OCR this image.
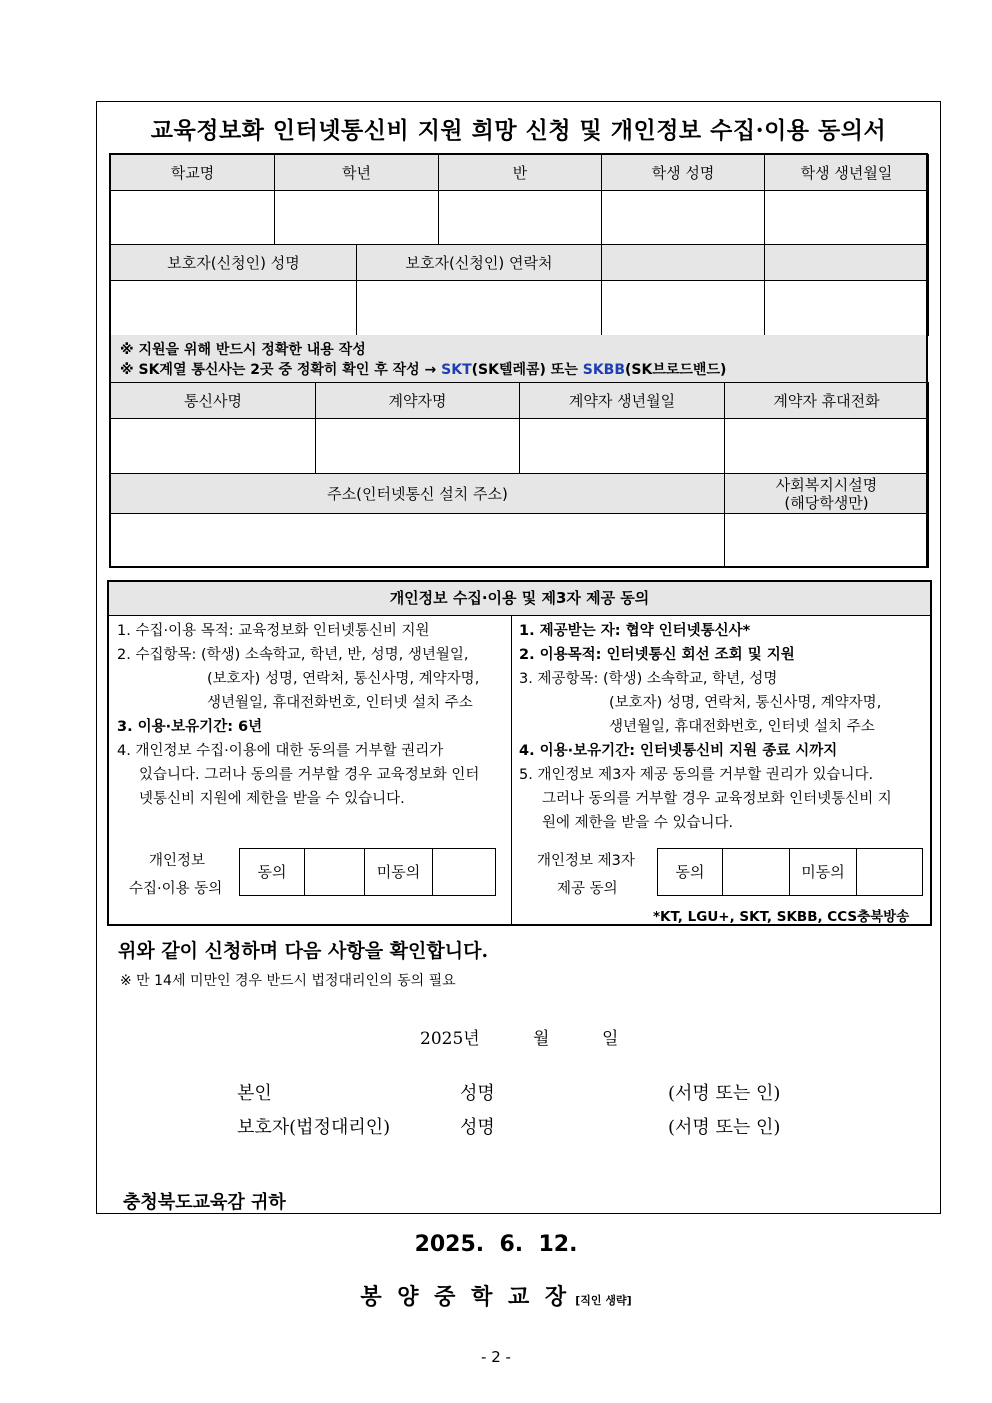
교육정보화 인터넷통신비 지원 희망 신청 및 개인정보 수집·이용 동의서
학교명	학년	반	학생 성명	학생 생년월일

보호자(신청인) 성명	보호자(신청인) 연락처		

※ 지원을 위해 반드시 정확한 내용 작성
※ SK계열 통신사는 2곳 중 정확히 확인 후 작성 → SKT(SK텔레콤) 또는 SKBB(SK브로드밴드)
통신사명	계약자명	계약자 생년월일	계약자 휴대전화

주소(인터넷통신 설치 주소)	사회복지시설명
(해당학생만)

개인정보 수집·이용 및 제3자 제공 동의
1. 수집·이용 목적: 교육정보화 인터넷통신비 지원
2. 수집항목: (학생) 소속학교, 학년, 반, 성명, 생년월일,
(보호자) 성명, 연락처, 통신사명, 계약자명,
생년월일, 휴대전화번호, 인터넷 설치 주소
3. 이용·보유기간: 6년
4. 개인정보 수집·이용에 대한 동의를 거부할 권리가
있습니다. 그러나 동의를 거부할 경우 교육정보화 인터
넷통신비 지원에 제한을 받을 수 있습니다.
개인정보
수집·이용 동의
동의	미동의
1. 제공받는 자: 협약 인터넷통신사*
2. 이용목적: 인터넷통신 회선 조회 및 지원
3. 제공항목: (학생) 소속학교, 학년, 성명
(보호자) 성명, 연락처, 통신사명, 계약자명,
생년월일, 휴대전화번호, 인터넷 설치 주소
4. 이용·보유기간: 인터넷통신비 지원 종료 시까지
5. 개인정보 제3자 제공 동의를 거부할 권리가 있습니다.
그러나 동의를 거부할 경우 교육정보화 인터넷통신비 지
원에 제한을 받을 수 있습니다.
개인정보 제3자
제공 동의
동의	미동의
*KT, LGU+, SKT, SKBB, CCS충북방송
위와 같이 신청하며 다음 사항을 확인합니다.
※ 만 14세 미만인 경우 반드시 법정대리인의 동의 필요
2025년	월	일
본인	성명	(서명 또는 인)
보호자(법정대리인)	성명	(서명 또는 인)
충청북도교육감 귀하
2025.  6.  12.
봉 양 중 학 교 장 [직인 생략]
- 2 -
